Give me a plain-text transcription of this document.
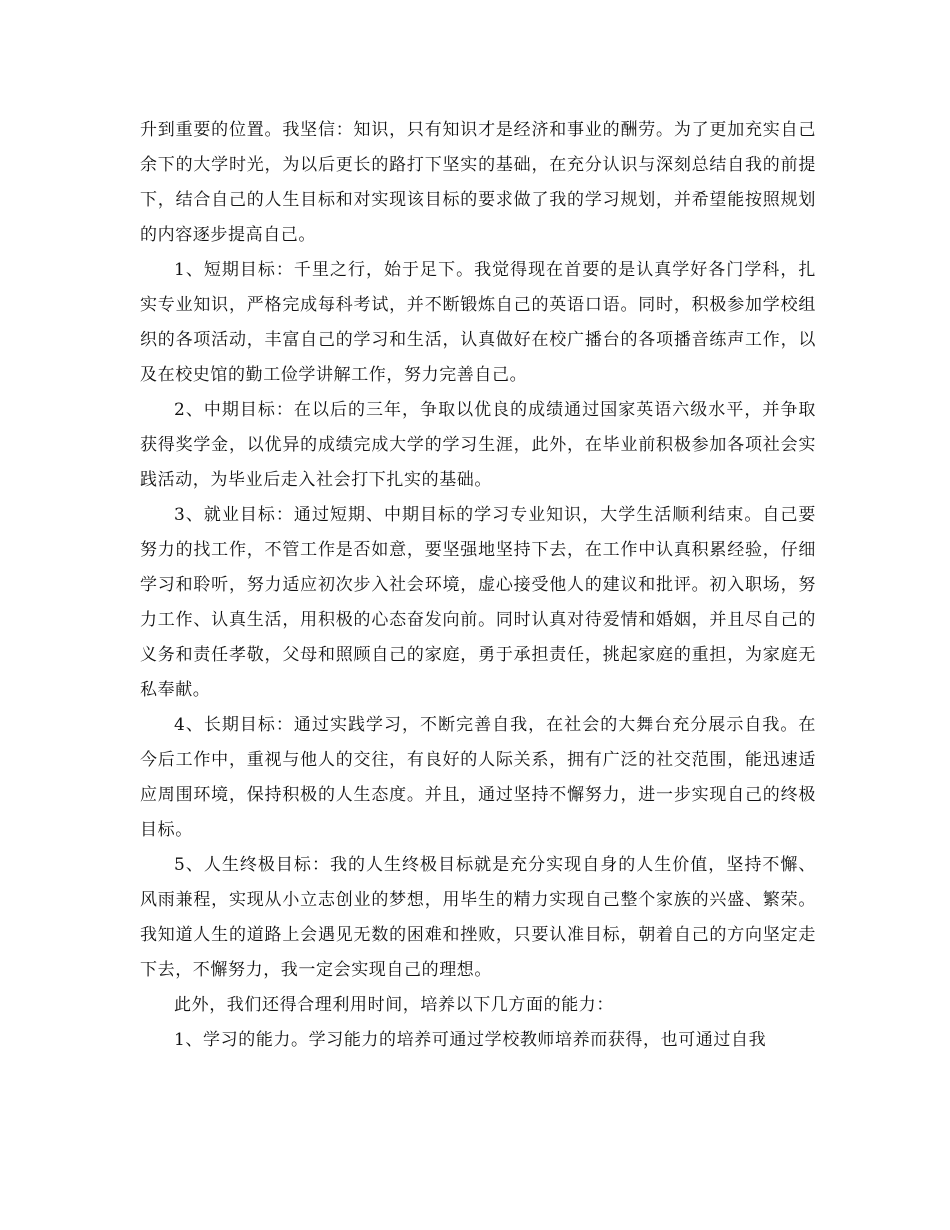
升到重要的位置。我坚信：知识，只有知识才是经济和事业的酬劳。为了更加充实自己余下的大学时光，为以后更长的路打下坚实的基础，在充分认识与深刻总结自我的前提下，结合自己的人生目标和对实现该目标的要求做了我的学习规划，并希望能按照规划的内容逐步提高自己。

1、短期目标：千里之行，始于足下。我觉得现在首要的是认真学好各门学科，扎实专业知识，严格完成每科考试，并不断锻炼自己的英语口语。同时，积极参加学校组织的各项活动，丰富自己的学习和生活，认真做好在校广播台的各项播音练声工作，以及在校史馆的勤工俭学讲解工作，努力完善自己。

2、中期目标：在以后的三年，争取以优良的成绩通过国家英语六级水平，并争取获得奖学金，以优异的成绩完成大学的学习生涯，此外，在毕业前积极参加各项社会实践活动，为毕业后走入社会打下扎实的基础。

3、就业目标：通过短期、中期目标的学习专业知识，大学生活顺利结束。自己要努力的找工作，不管工作是否如意，要坚强地坚持下去，在工作中认真积累经验，仔细学习和聆听，努力适应初次步入社会环境，虚心接受他人的建议和批评。初入职场，努力工作、认真生活，用积极的心态奋发向前。同时认真对待爱情和婚姻，并且尽自己的义务和责任孝敬，父母和照顾自己的家庭，勇于承担责任，挑起家庭的重担，为家庭无私奉献。

4、长期目标：通过实践学习，不断完善自我，在社会的大舞台充分展示自我。在今后工作中，重视与他人的交往，有良好的人际关系，拥有广泛的社交范围，能迅速适应周围环境，保持积极的人生态度。并且，通过坚持不懈努力，进一步实现自己的终极目标。

5、人生终极目标：我的人生终极目标就是充分实现自身的人生价值，坚持不懈、风雨兼程，实现从小立志创业的梦想，用毕生的精力实现自己整个家族的兴盛、繁荣。我知道人生的道路上会遇见无数的困难和挫败，只要认准目标，朝着自己的方向坚定走下去，不懈努力，我一定会实现自己的理想。

此外，我们还得合理利用时间，培养以下几方面的能力：

1、学习的能力。学习能力的培养可通过学校教师培养而获得，也可通过自我
